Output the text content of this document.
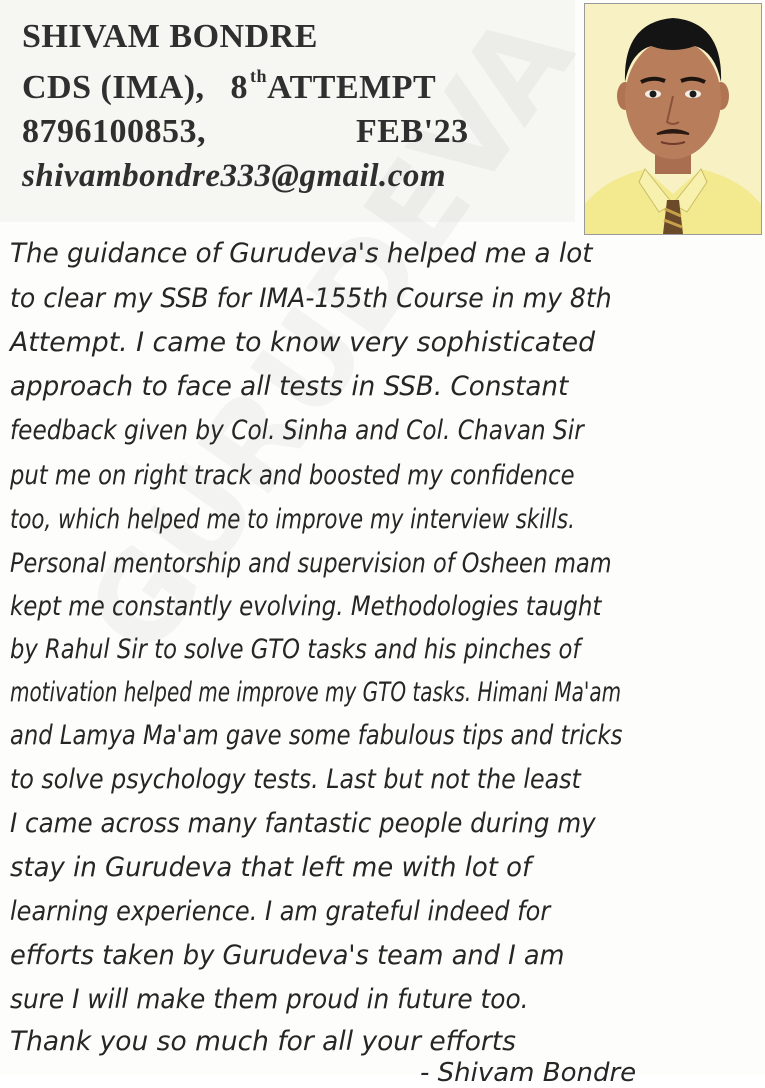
SHIVAM BONDRE
CDS (IMA), 8 $^{th}$ATTEMPT
8796100853,	FEB'23
shivambondre333@gmail.com
The guidance of Gurudeva's helped me a lot
to clear my SSB for IMA-155th Course in my 8th
Attempt. I came to know very sophisticated
approach to face all tests in SSB. Constant
feedback given by Col. Sinha and Col. Chavan Sir
put me on right track and boosted my confidence
too, which helped me to improve my interview skills.
Personal mentorship and supervision of Osheen mam
kept me constantly evolving. Methodologies taught
by Rahul Sir to solve GTO tasks and his pinches of
motivation helped me improve my GTO tasks. Himani Ma'am
and Lamya Ma'am gave some fabulous tips and tricks
to solve psychology tests. Last but not the least
I came across many fantastic people during my
stay in Gurudeva that left me with lot of
learning experience. I am grateful indeed for
efforts taken by Gurudeva's team and I am
sure I will make them proud in future too.
Thank you so much for all your efforts
- Shivam Bondre
